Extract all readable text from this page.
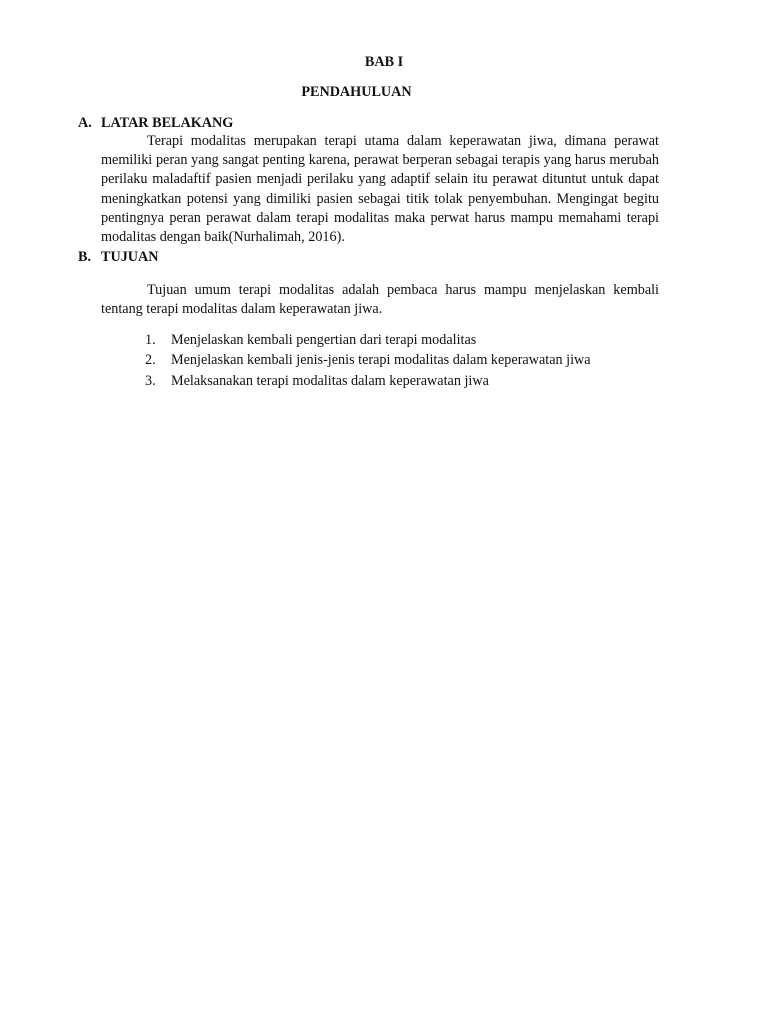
BAB I
PENDAHULUAN
A. LATAR BELAKANG

Terapi modalitas merupakan terapi utama dalam keperawatan jiwa, dimana perawat memiliki peran yang sangat penting karena, perawat berperan sebagai terapis yang harus merubah perilaku maladaftif pasien menjadi perilaku yang adaptif selain itu perawat dituntut untuk dapat meningkatkan potensi yang dimiliki pasien sebagai titik tolak penyembuhan. Mengingat begitu pentingnya peran perawat dalam terapi modalitas maka perwat harus mampu memahami terapi modalitas dengan baik(Nurhalimah, 2016).

B. TUJUAN

Tujuan umum terapi modalitas adalah pembaca harus mampu menjelaskan kembali tentang terapi modalitas dalam keperawatan jiwa.

1. Menjelaskan kembali pengertian dari terapi modalitas
2. Menjelaskan kembali jenis-jenis terapi modalitas dalam keperawatan jiwa
3. Melaksanakan terapi modalitas dalam keperawatan jiwa
